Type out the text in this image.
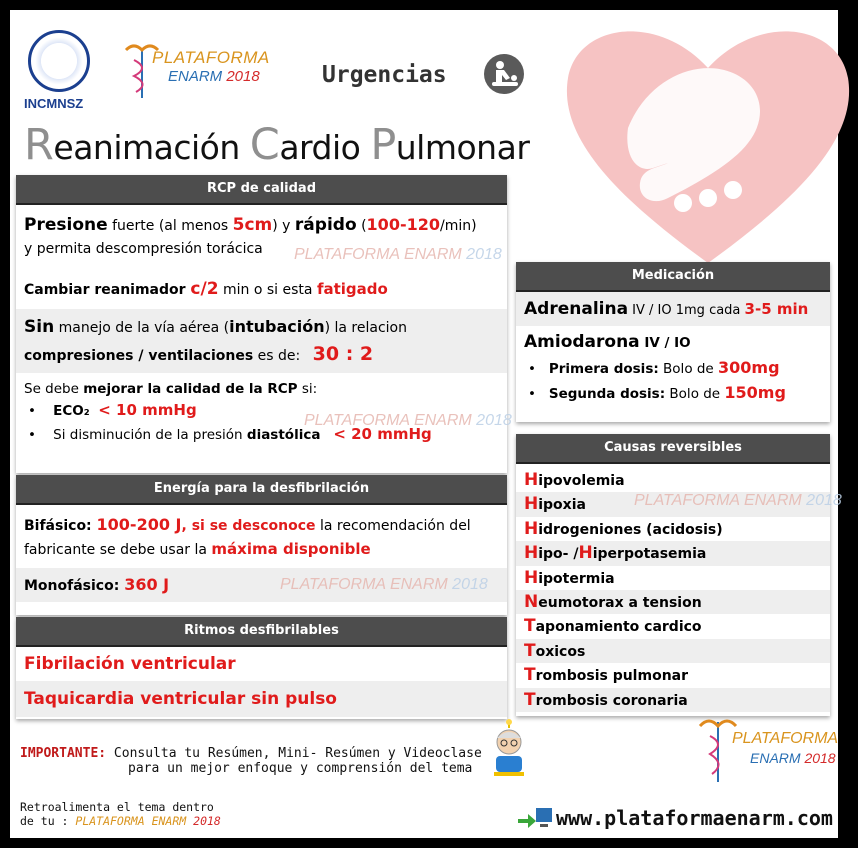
INCMNSZ
PLATAFORMA
ENARM 2018	Urgencias
Reanimación Cardio Pulmonar
RCP de calidad
Presione fuerte (al menos 5cm) y rápido (100-120/min)
y permita descompresión torácica
Cambiar reanimador c/2 min o si esta fatigado
Sin manejo de la vía aérea (intubación) la relacion
compresiones / ventilaciones es de: 30 : 2
Se debe mejorar la calidad de la RCP si:
•    ECO₂ < 10 mmHg
•    Si disminución de la presión diastólica < 20 mmHg
Energía para la desfibrilación
Bifásico: 100-200 J, si se desconoce la recomendación del
fabricante se debe usar la máxima disponible
Monofásico: 360 J
Ritmos desfibrilables
Fibrilación ventricular
Taquicardia ventricular sin pulso
Medicación
Adrenalina IV / IO 1mg cada 3-5 min
Amiodarona IV / IO
•   Primera dosis: Bolo de 300mg
•   Segunda dosis: Bolo de 150mg
Causas reversibles
Hipovolemia
Hipoxia
Hidrogeniones (acidosis)
Hipo- /Hiperpotasemia
Hipotermia
Neumotorax a tension
Taponamiento cardico
Toxicos
Trombosis pulmonar
Trombosis coronaria
PLATAFORMA ENARM 2018
PLATAFORMA ENARM 2018
PLATAFORMA ENARM 2018
PLATAFORMA ENARM 2018
IMPORTANTE: Consulta tu Resúmen, Mini- Resúmen y Videoclase
para un mejor enfoque y comprensión del tema
PLATAFORMA
ENARM 2018
Retroalimenta el tema dentro
de tu : PLATAFORMA ENARM 2018	www.plataformaenarm.com
